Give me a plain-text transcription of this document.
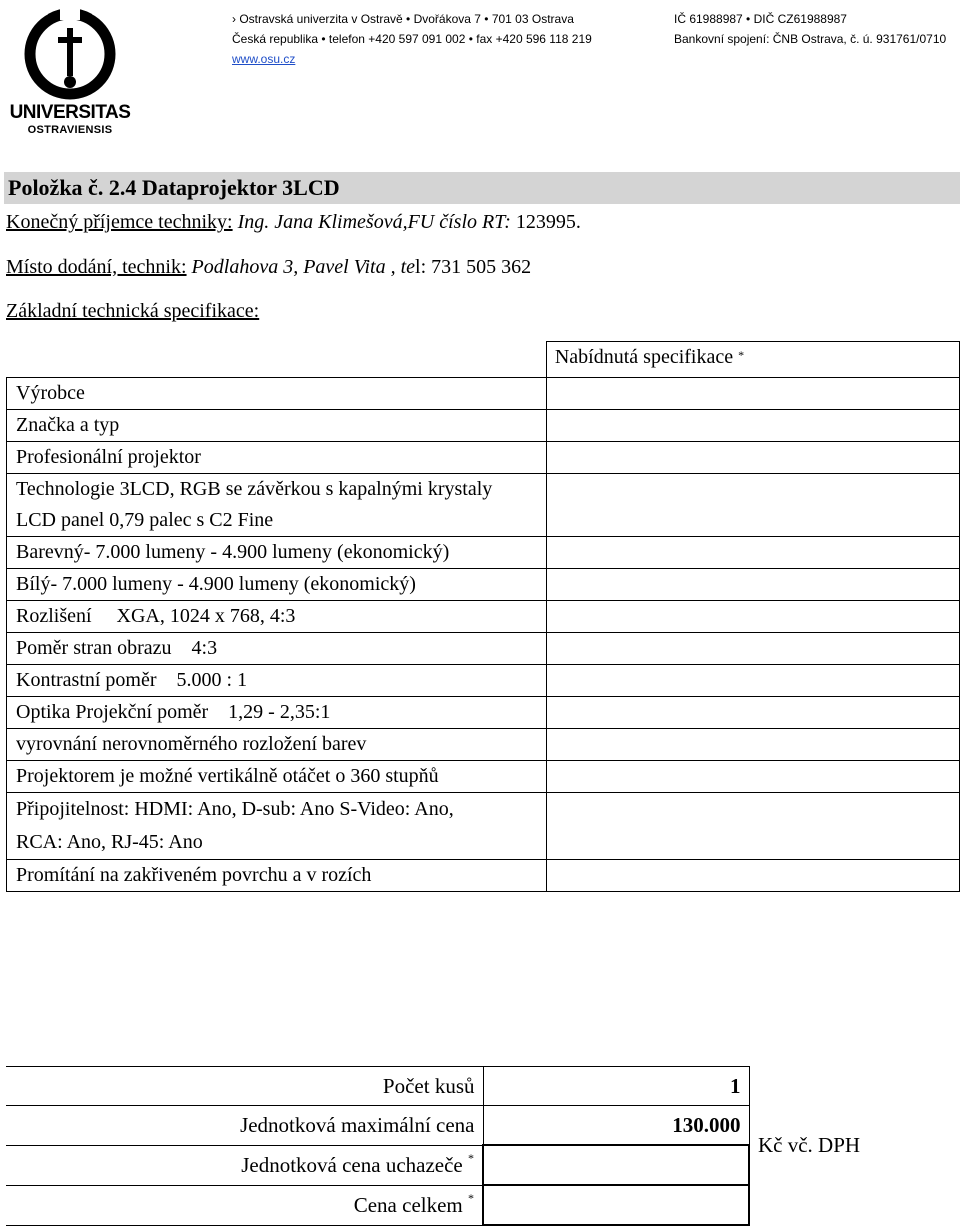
UNIVERSITAS
OSTRAVIENSIS
› Ostravská univerzita v Ostravě • Dvořákova 7 • 701 03 Ostrava
Česká republika • telefon +420 597 091 002 • fax +420 596 118 219
www.osu.cz
IČ 61988987 • DIČ CZ61988987
Bankovní spojení: ČNB Ostrava, č. ú. 931761/0710
Položka č. 2.4 Dataprojektor 3LCD
Konečný příjemce techniky: Ing. Jana Klimešová,FU číslo RT: 123995.
Místo dodání, technik: Podlahova 3, Pavel Vita , tel: 731 505 362
Základní technická specifikace:
	Nabídnutá specifikace *
Výrobce	
Značka a typ	
Profesionální projektor	
Technologie 3LCD, RGB se závěrkou s kapalnými krystaly LCD panel 0,79 palec s C2 Fine	
Barevný- 7.000 lumeny - 4.900 lumeny (ekonomický)	
Bílý- 7.000 lumeny - 4.900 lumeny (ekonomický)	
Rozlišení     XGA, 1024 x 768, 4:3	
Poměr stran obrazu    4:3	
Kontrastní poměr    5.000 : 1	
Optika Projekční poměr    1,29 - 2,35:1	
vyrovnání nerovnoměrného rozložení barev	
Projektorem je možné vertikálně otáčet o 360 stupňů	
Připojitelnost: HDMI: Ano, D-sub: Ano S-Video: Ano, RCA: Ano, RJ-45: Ano	
Promítání na zakřiveném povrchu a v rozích	
Počet kusů	1	
Jednotková maximální cena	130.000	Kč vč. DPH
Jednotková cena uchazeče *	
Cena celkem *		
